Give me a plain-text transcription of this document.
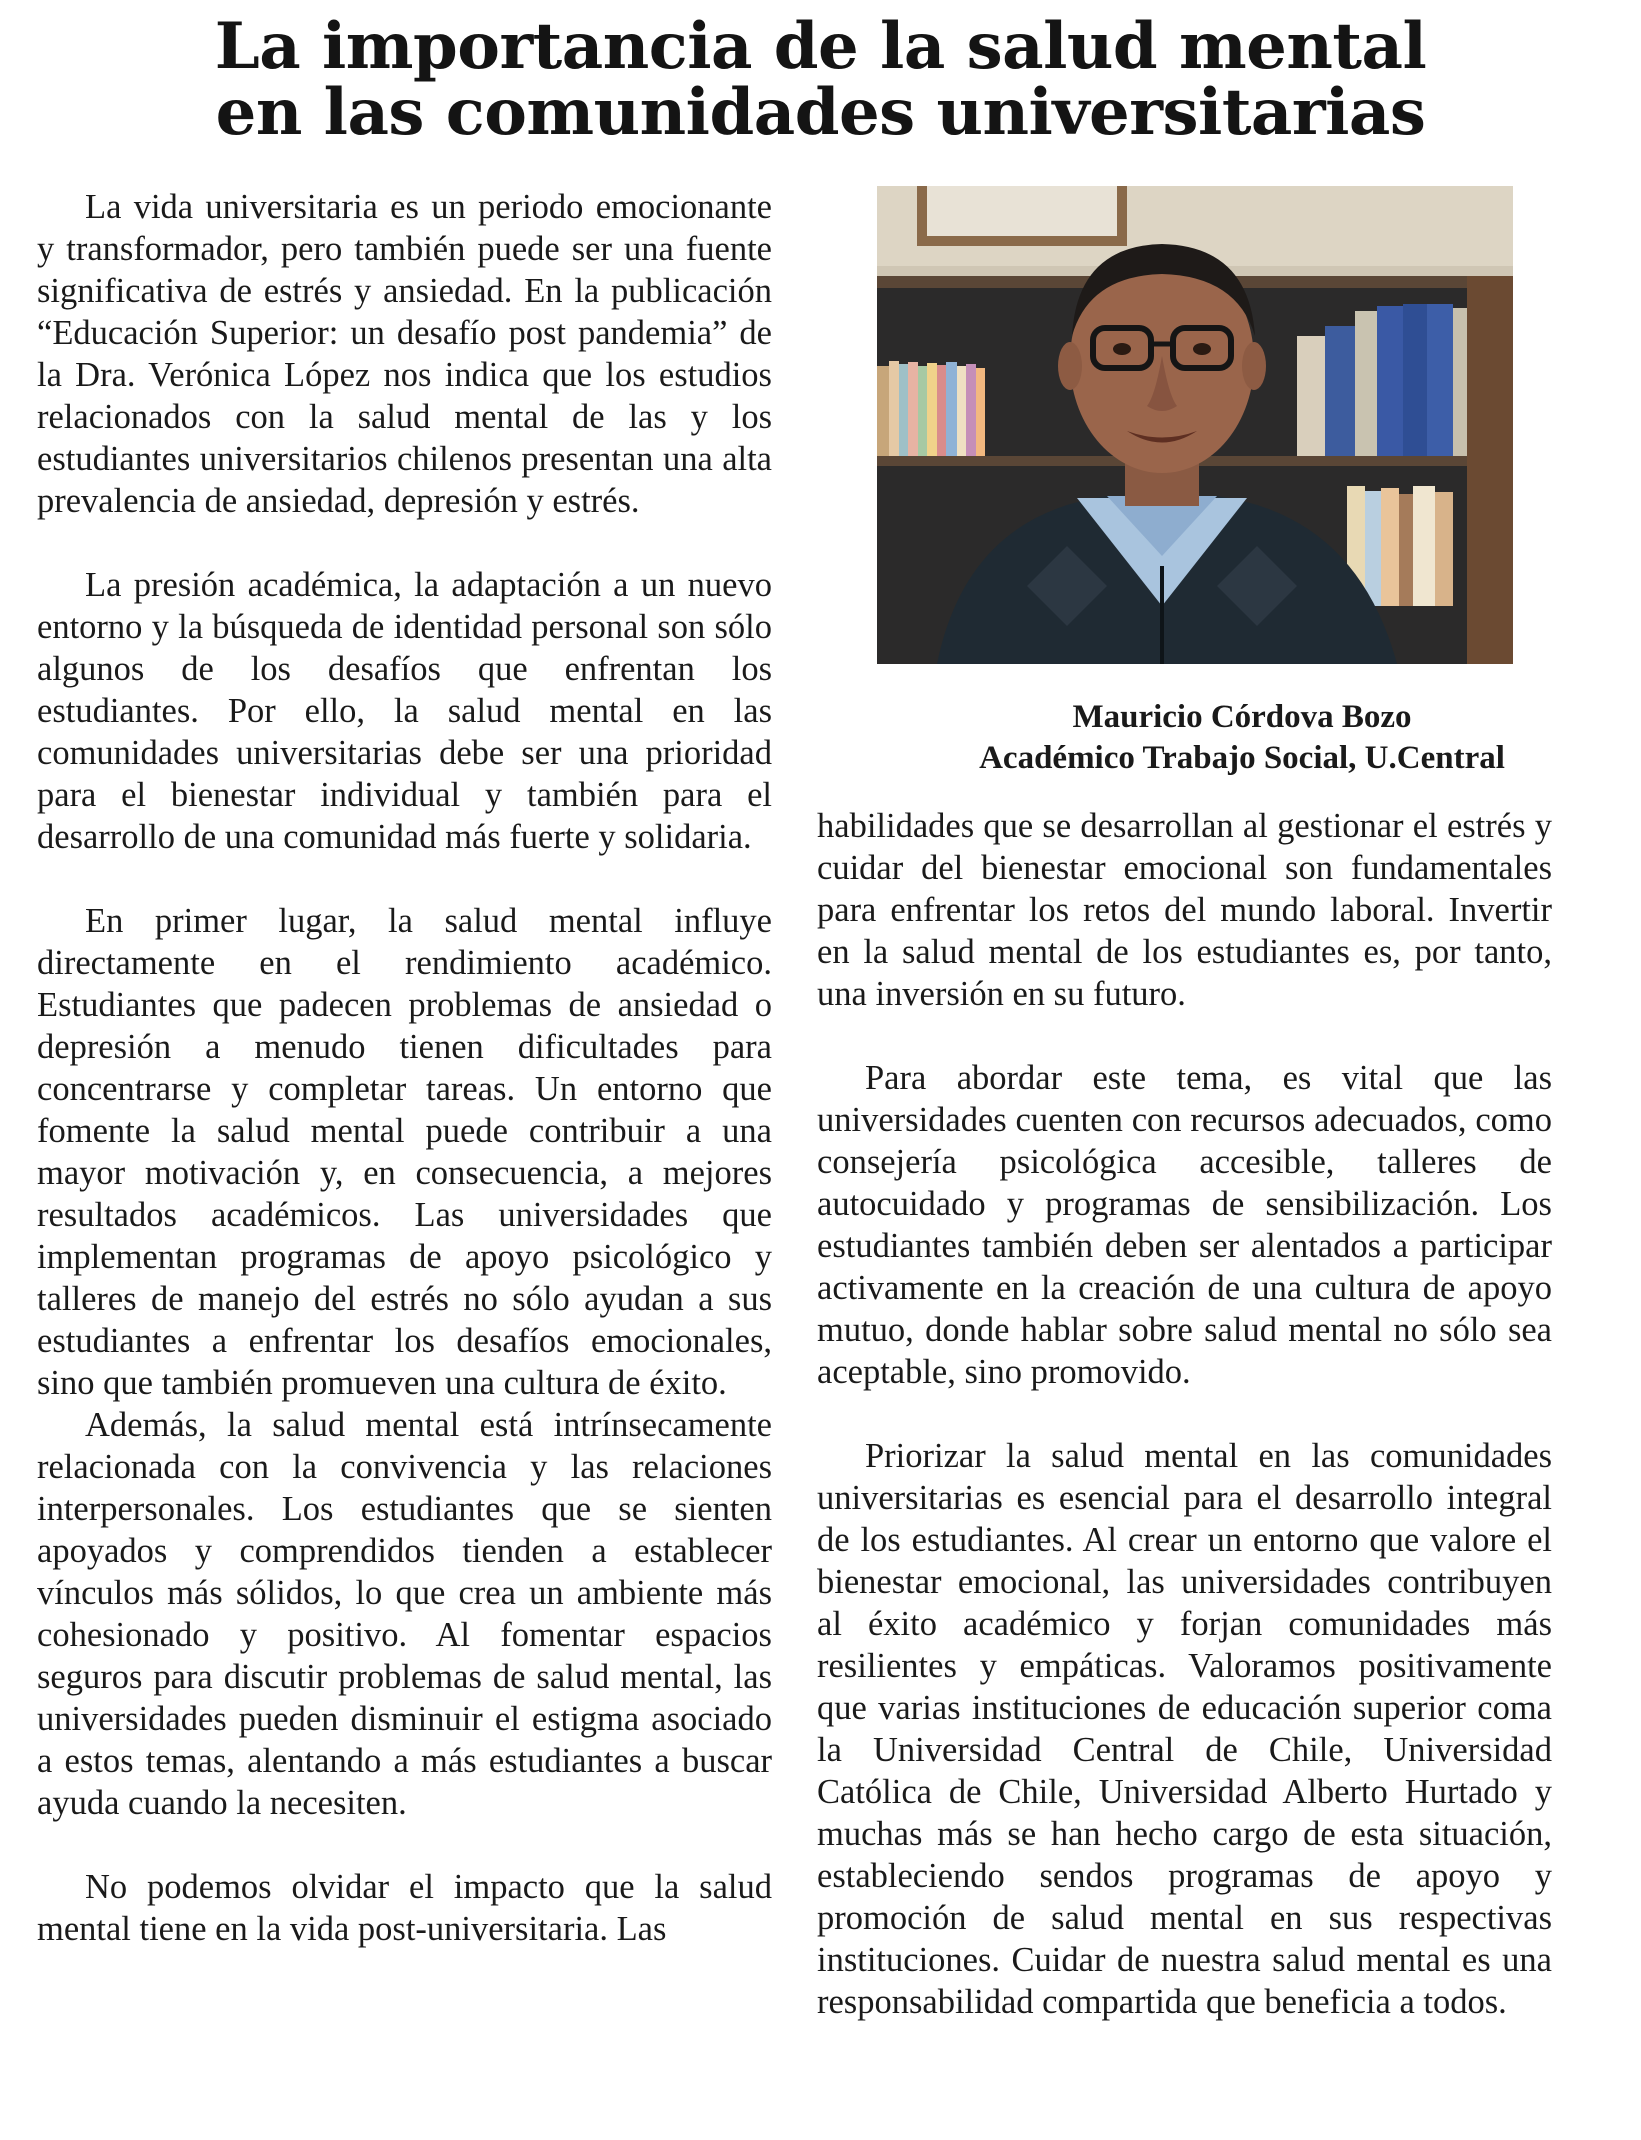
La importancia de la salud mental
en las comunidades universitarias

La vida universitaria es un periodo emocionante y transformador, pero también puede ser una fuente significativa de estrés y ansiedad. En la publicación “Educación Superior: un desafío post pandemia” de la Dra. Verónica López nos indica que los estudios relacionados con la salud mental de las y los estudiantes universitarios chilenos presentan una alta prevalencia de ansiedad, depresión y estrés.

La presión académica, la adaptación a un nuevo entorno y la búsqueda de identidad personal son sólo algunos de los desafíos que enfrentan los estudiantes. Por ello, la salud mental en las comunidades universitarias debe ser una prioridad para el bienestar individual y también para el desarrollo de una comunidad más fuerte y solidaria.

En primer lugar, la salud mental influye directamente en el rendimiento académico. Estudiantes que padecen problemas de ansiedad o depresión a menudo tienen dificultades para concentrarse y completar tareas. Un entorno que fomente la salud mental puede contribuir a una mayor motivación y, en consecuencia, a mejores resultados académicos. Las universidades que implementan programas de apoyo psicológico y talleres de manejo del estrés no sólo ayudan a sus estudiantes a enfrentar los desafíos emocionales, sino que también promueven una cultura de éxito.

Además, la salud mental está intrínsecamente relacionada con la convivencia y las relaciones interpersonales. Los estudiantes que se sienten apoyados y comprendidos tienden a establecer vínculos más sólidos, lo que crea un ambiente más cohesionado y positivo. Al fomentar espacios seguros para discutir problemas de salud mental, las universidades pueden disminuir el estigma asociado a estos temas, alentando a más estudiantes a buscar ayuda cuando la necesiten.

No podemos olvidar el impacto que la salud mental tiene en la vida post-universitaria. Las

Mauricio Córdova Bozo
Académico Trabajo Social, U.Central

habilidades que se desarrollan al gestionar el estrés y cuidar del bienestar emocional son fundamentales para enfrentar los retos del mundo laboral. Invertir en la salud mental de los estudiantes es, por tanto, una inversión en su futuro.

Para abordar este tema, es vital que las universidades cuenten con recursos adecuados, como consejería psicológica accesible, talleres de autocuidado y programas de sensibilización. Los estudiantes también deben ser alentados a participar activamente en la creación de una cultura de apoyo mutuo, donde hablar sobre salud mental no sólo sea aceptable, sino promovido.

Priorizar la salud mental en las comunidades universitarias es esencial para el desarrollo integral de los estudiantes. Al crear un entorno que valore el bienestar emocional, las universidades contribuyen al éxito académico y forjan comunidades más resilientes y empáticas. Valoramos positivamente que varias instituciones de educación superior coma la Universidad Central de Chile, Universidad Católica de Chile, Universidad Alberto Hurtado y muchas más se han hecho cargo de esta situación, estableciendo sendos programas de apoyo y promoción de salud mental en sus respectivas instituciones. Cuidar de nuestra salud mental es una responsabilidad compartida que beneficia a todos.
